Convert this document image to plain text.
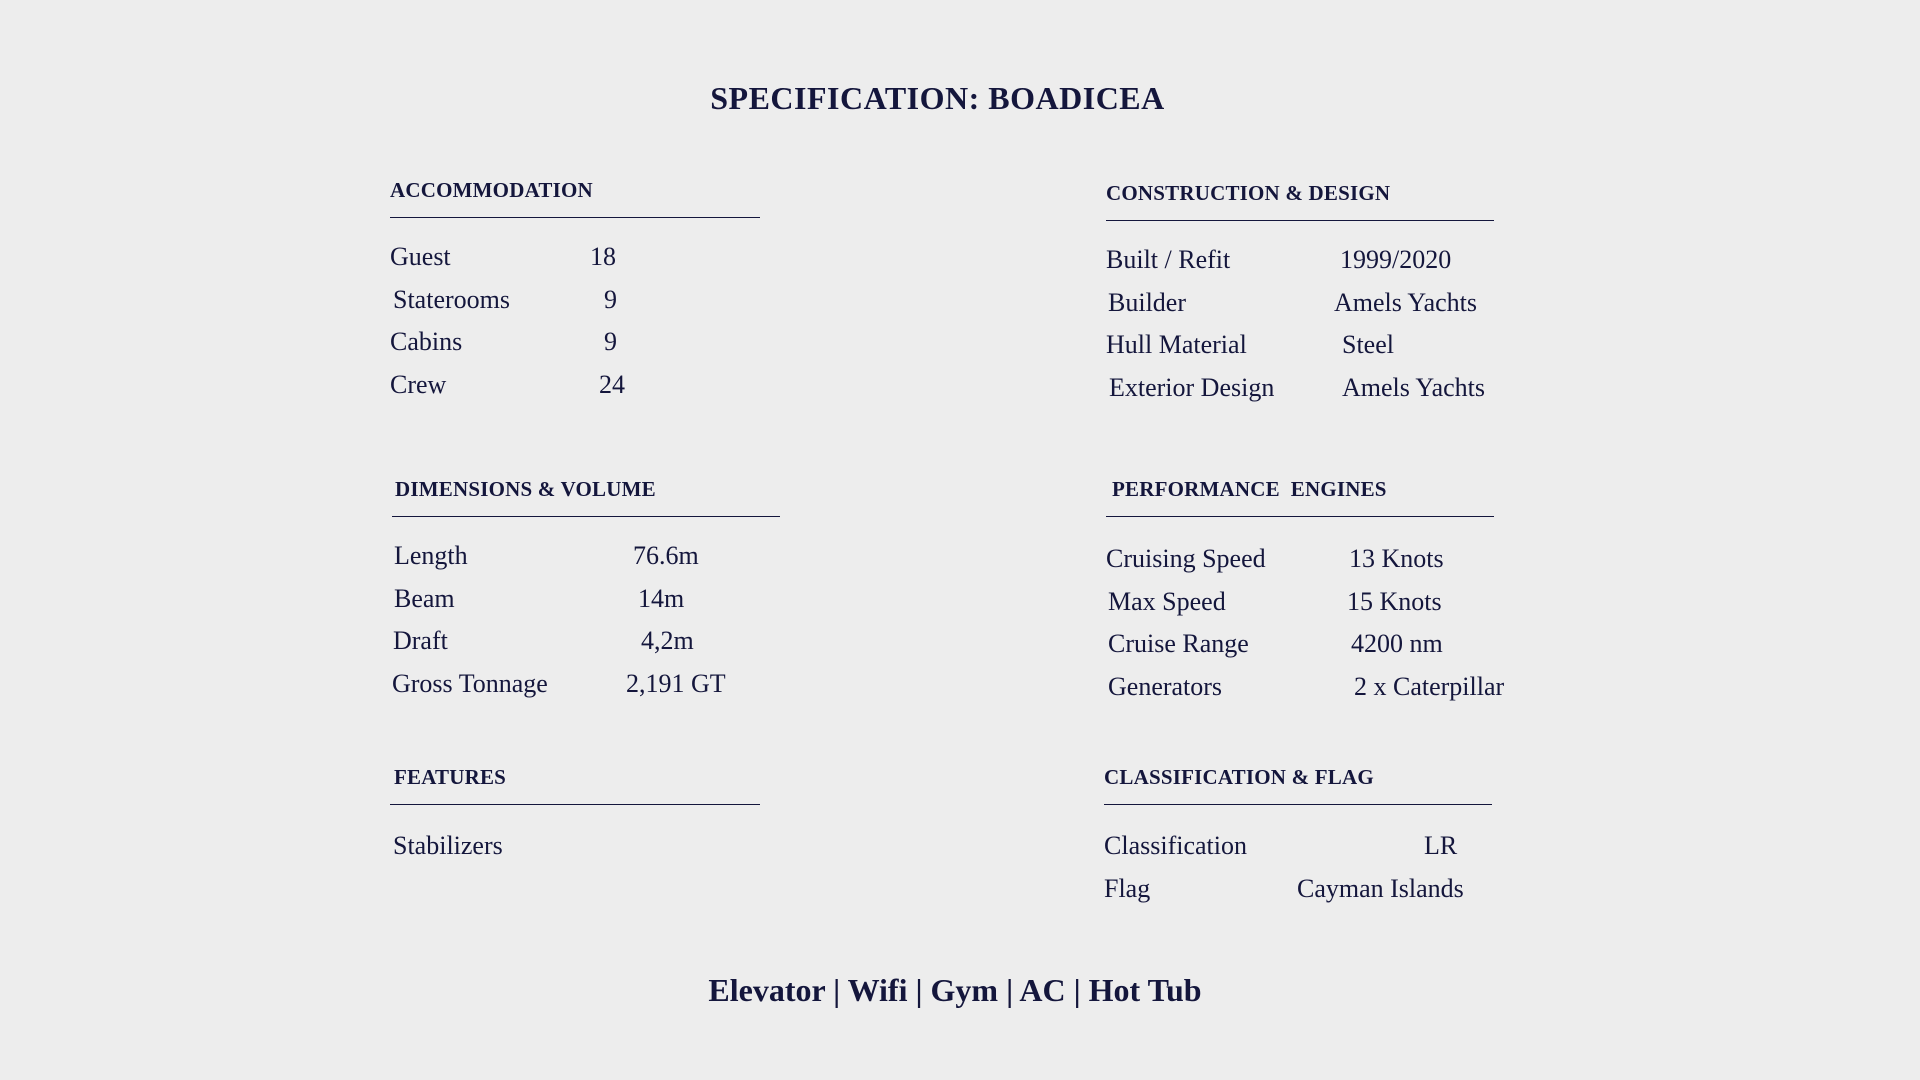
SPECIFICATION: BOADICEA
ACCOMMODATION
Guest	18
Staterooms	9
Cabins	9
Crew	24
CONSTRUCTION & DESIGN
Built / Refit	1999/2020
Builder	Amels Yachts
Hull Material	Steel
Exterior Design	Amels Yachts
DIMENSIONS & VOLUME
Length	76.6m
Beam	14m
Draft	4,2m
Gross Tonnage	2,191 GT
PERFORMANCE  ENGINES
Cruising Speed	13 Knots
Max Speed	15 Knots
Cruise Range	4200 nm
Generators	2 x Caterpillar
FEATURES
Stabilizers
CLASSIFICATION & FLAG
Classification	LR
Flag	Cayman Islands
Elevator | Wifi | Gym | AC | Hot Tub
